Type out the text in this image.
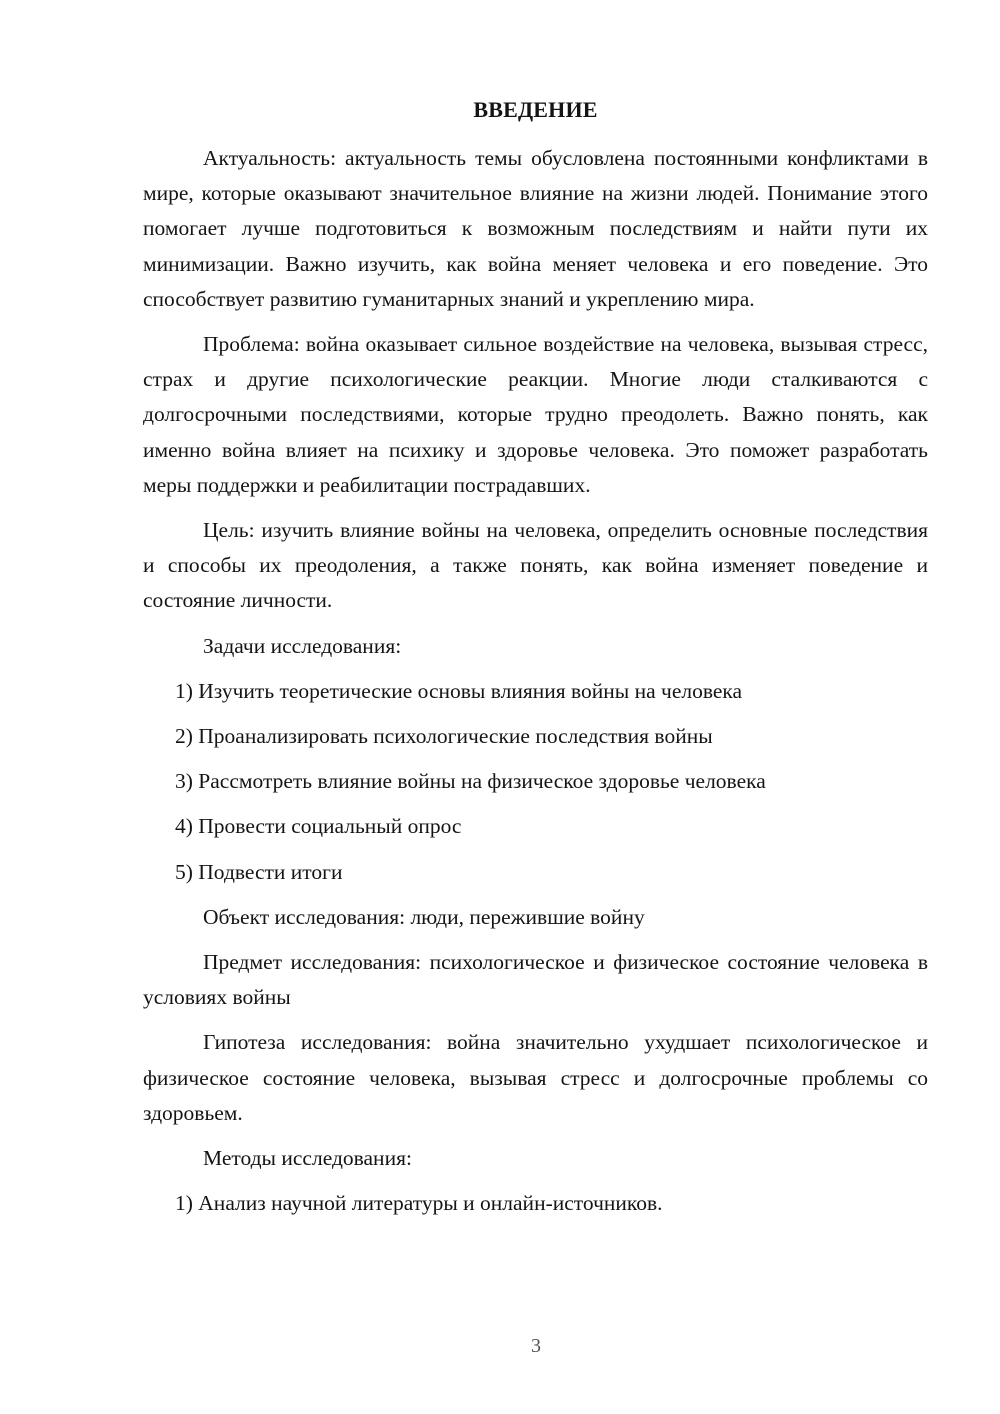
ВВЕДЕНИЕ

Актуальность: актуальность темы обусловлена постоянными конфликтами в мире, которые оказывают значительное влияние на жизни людей. Понимание этого помогает лучше подготовиться к возможным последствиям и найти пути их минимизации. Важно изучить, как война меняет человека и его поведение. Это способствует развитию гуманитарных знаний и укреплению мира.

Проблема: война оказывает сильное воздействие на человека, вызывая стресс, страх и другие психологические реакции. Многие люди сталкиваются с долгосрочными последствиями, которые трудно преодолеть. Важно понять, как именно война влияет на психику и здоровье человека. Это поможет разработать меры поддержки и реабилитации пострадавших.

Цель: изучить влияние войны на человека, определить основные последствия и способы их преодоления, а также понять, как война изменяет поведение и состояние личности.

Задачи исследования:

1) Изучить теоретические основы влияния войны на человека

2) Проанализировать психологические последствия войны

3) Рассмотреть влияние войны на физическое здоровье человека

4) Провести социальный опрос

5) Подвести итоги

Объект исследования: люди, пережившие войну

Предмет исследования: психологическое и физическое состояние человека в условиях войны

Гипотеза исследования: война значительно ухудшает психологическое и физическое состояние человека, вызывая стресс и долгосрочные проблемы со здоровьем.

Методы исследования:

1) Анализ научной литературы и онлайн-источников.

3
